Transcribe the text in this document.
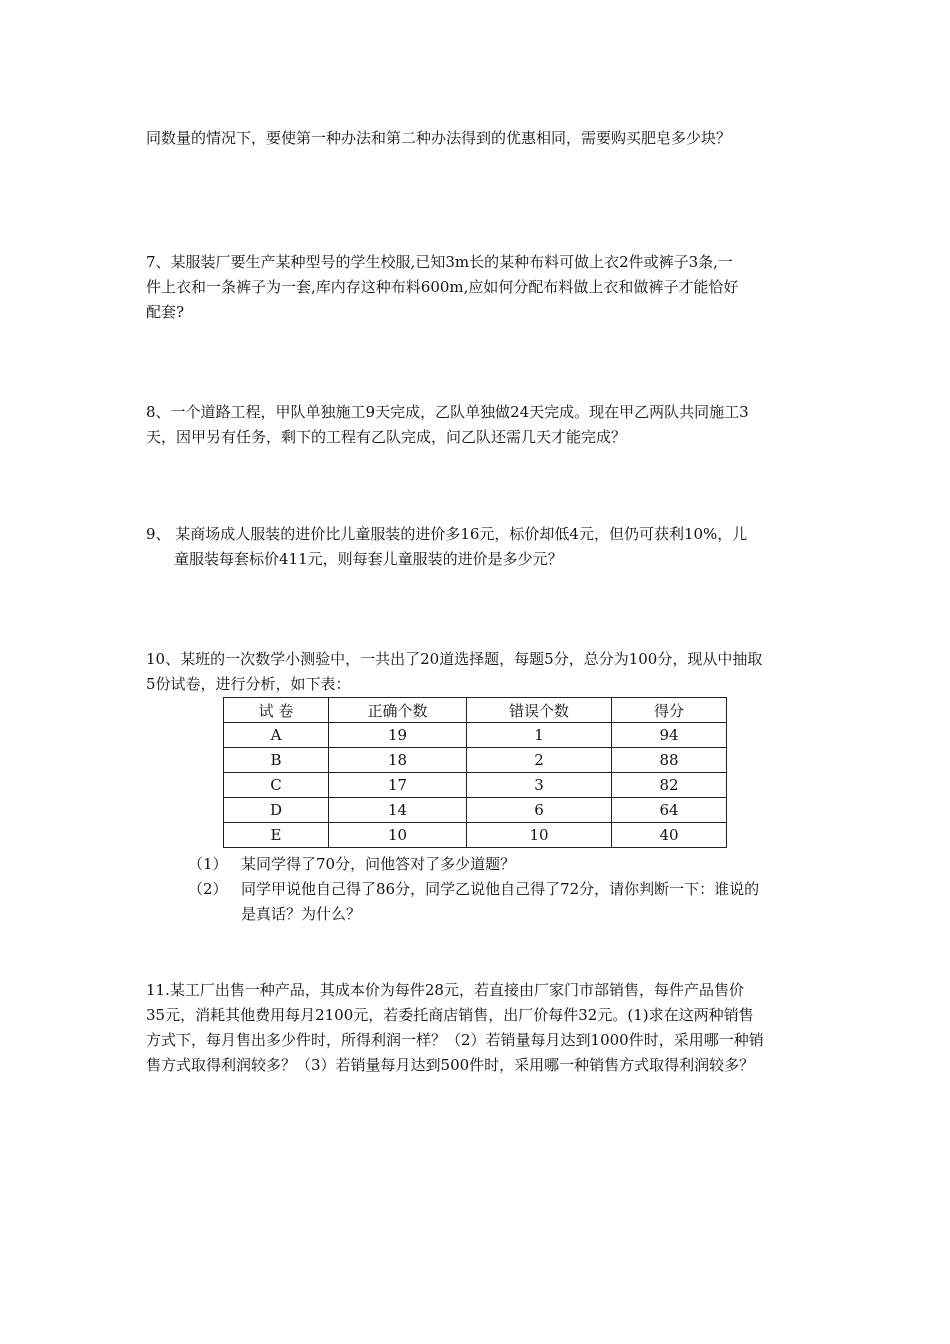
同数量的情况下，要使第一种办法和第二种办法得到的优惠相同，需要购买肥皂多少块？

7、某服装厂要生产某种型号的学生校服,已知3m长的某种布料可做上衣2件或裤子3条,一
件上衣和一条裤子为一套,库内存这种布料600m,应如何分配布料做上衣和做裤子才能恰好
配套?

8、一个道路工程，甲队单独施工9天完成，乙队单独做24天完成。现在甲乙两队共同施工3
天，因甲另有任务，剩下的工程有乙队完成，问乙队还需几天才能完成？

9、 某商场成人服装的进价比儿童服装的进价多16元，标价却低4元，但仍可获利10%，儿
童服装每套标价411元，则每套儿童服装的进价是多少元？

10、某班的一次数学小测验中，一共出了20道选择题，每题5分，总分为100分，现从中抽取
5份试卷，进行分析，如下表：

试 卷	正确个数	错误个数	得分
A	19	1	94
B	18	2	88
C	17	3	82
D	14	6	64
E	10	10	40
（1） 某同学得了70分，问他答对了多少道题？
（2） 同学甲说他自己得了86分，同学乙说他自己得了72分，请你判断一下：谁说的
是真话？为什么？

11.某工厂出售一种产品，其成本价为每件28元，若直接由厂家门市部销售，每件产品售价
35元，消耗其他费用每月2100元，若委托商店销售，出厂价每件32元。(1)求在这两种销售
方式下，每月售出多少件时，所得利润一样？（2）若销量每月达到1000件时，采用哪一种销
售方式取得利润较多？（3）若销量每月达到500件时，采用哪一种销售方式取得利润较多？
